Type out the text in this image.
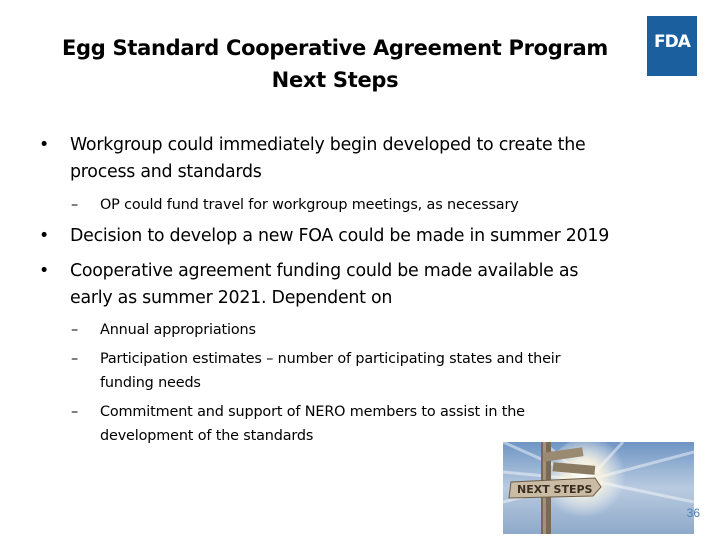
Egg Standard Cooperative Agreement Program
Next Steps
FDA
• Workgroup could immediately begin developed to create the
process and standards
– OP could fund travel for workgroup meetings, as necessary
• Decision to develop a new FOA could be made in summer 2019
• Cooperative agreement funding could be made available as
early as summer 2021. Dependent on
– Annual appropriations
– Participation estimates – number of participating states and their
funding needs
– Commitment and support of NERO members to assist in the
development of the standards
NEXT STEPS
36
